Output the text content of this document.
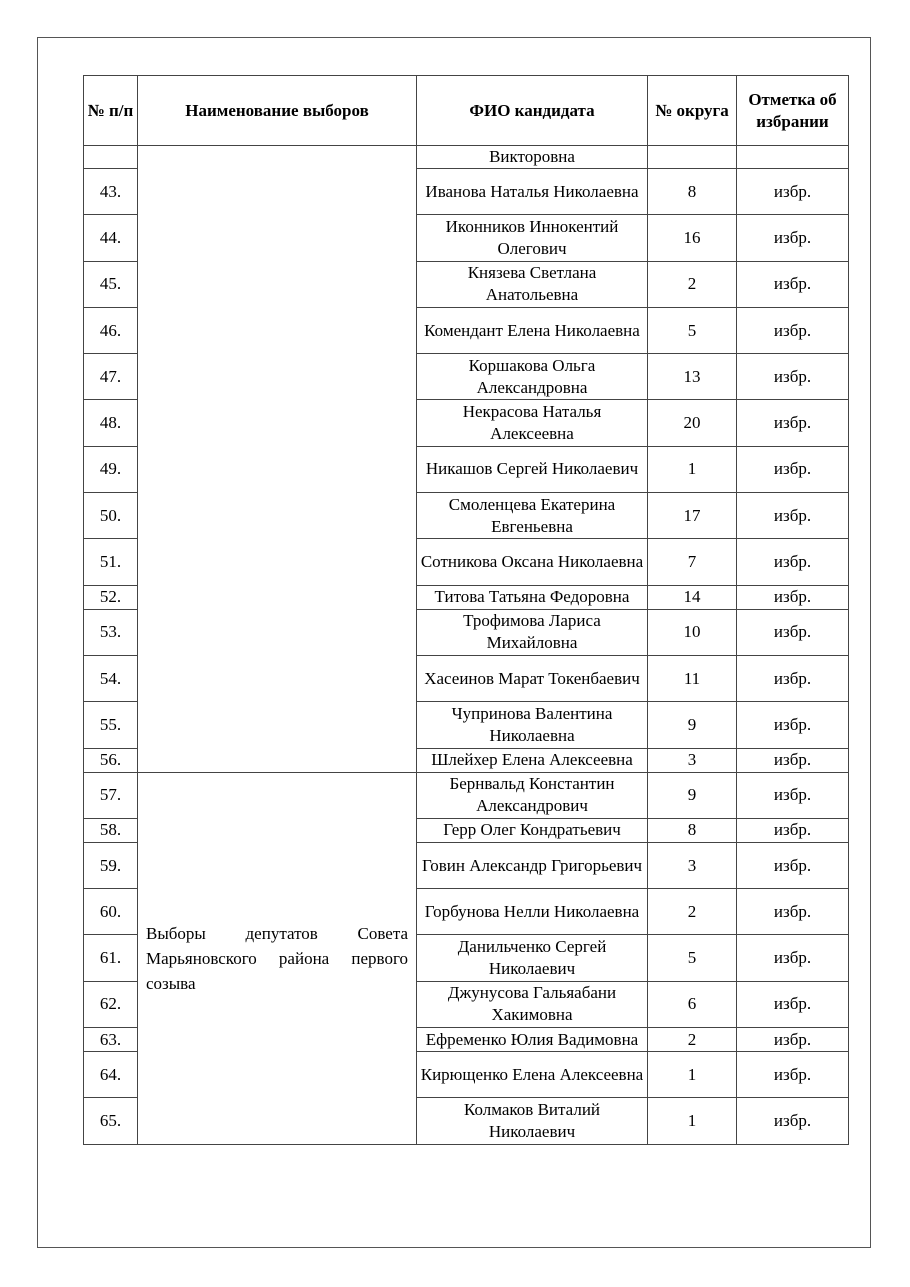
№ п/п	Наименование выборов	ФИО кандидата	№ округа	Отметка об избрании
		Викторовна		
43.		Иванова Наталья Николаевна	8	избр.
44.		Иконников Иннокентий Олегович	16	избр.
45.		Князева Светлана Анатольевна	2	избр.
46.		Комендант Елена Николаевна	5	избр.
47.		Коршакова Ольга Александровна	13	избр.
48.		Некрасова Наталья Алексеевна	20	избр.
49.		Никашов Сергей Николаевич	1	избр.
50.		Смоленцева Екатерина Евгеньевна	17	избр.
51.		Сотникова Оксана Николаевна	7	избр.
52.		Титова Татьяна Федоровна	14	избр.
53.		Трофимова Лариса Михайловна	10	избр.
54.		Хасеинов Марат Токенбаевич	11	избр.
55.		Чупринова Валентина Николаевна	9	избр.
56.		Шлейхер Елена Алексеевна	3	избр.
57.	Выборы депутатов Совета Марьяновского района первого созыва	Бернвальд Константин Александрович	9	избр.
58.		Герр Олег Кондратьевич	8	избр.
59.		Говин Александр Григорьевич	3	избр.
60.		Горбунова Нелли Николаевна	2	избр.
61.		Данильченко Сергей Николаевич	5	избр.
62.		Джунусова Гальяабани Хакимовна	6	избр.
63.		Ефременко Юлия Вадимовна	2	избр.
64.		Кирющенко Елена Алексеевна	1	избр.
65.		Колмаков Виталий Николаевич	1	избр.
